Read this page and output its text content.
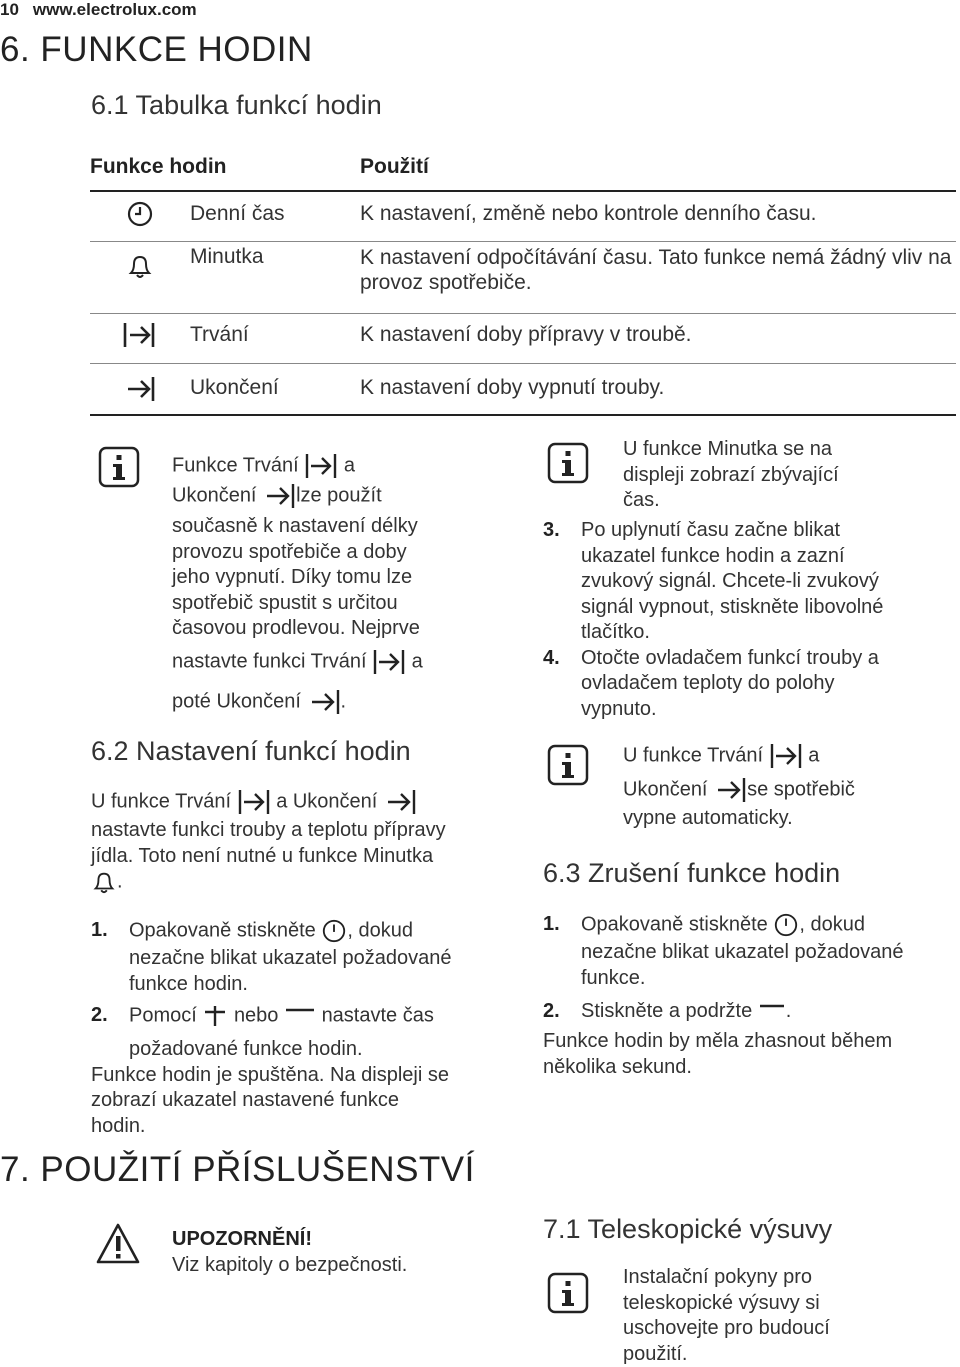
10 www.electrolux.com
6. FUNKCE HODIN
6.1 Tabulka funkcí hodin
Funkce hodin		Použití
	Denní čas	K nastavení, změně nebo kontrole denního času.
	Minutka	K nastavení odpočítávání času. Tato funkce nemá žádný vliv na provoz spotřebiče.
	Trvání	K nastavení doby přípravy v troubě.
	Ukončení	K nastavení doby vypnutí trouby.
Funkce Trvání a
Ukončení lze použít
současně k nastavení délky
provozu spotřebiče a doby
jeho vypnutí. Díky tomu lze
spotřebič spustit s určitou
časovou prodlevou. Nejprve
nastavte funkci Trvání a
poté Ukončení .
6.2 Nastavení funkcí hodin
U funkce Trvání a Ukončení
nastavte funkci trouby a teplotu přípravy
jídla. Toto není nutné u funkce Minutka
.
1. Opakovaně stiskněte , dokud
nezačne blikat ukazatel požadované
funkce hodin.
2. Pomocí nebo nastavte čas
požadované funkce hodin.
Funkce hodin je spuštěna. Na displeji se
zobrazí ukazatel nastavené funkce
hodin.
7. POUŽITÍ PŘÍSLUŠENSTVÍ
UPOZORNĚNÍ!
Viz kapitoly o bezpečnosti.
U funkce Minutka se na
displeji zobrazí zbývající
čas.
3. Po uplynutí času začne blikat
ukazatel funkce hodin a zazní
zvukový signál. Chcete-li zvukový
signál vypnout, stiskněte libovolné
tlačítko.
4. Otočte ovladačem funkcí trouby a
ovladačem teploty do polohy
vypnuto.
U funkce Trvání a
Ukončení se spotřebič
vypne automaticky.
6.3 Zrušení funkce hodin
1. Opakovaně stiskněte , dokud
nezačne blikat ukazatel požadované
funkce.
2. Stiskněte a podržte .
Funkce hodin by měla zhasnout během
několika sekund.
7.1 Teleskopické výsuvy
Instalační pokyny pro
teleskopické výsuvy si
uschovejte pro budoucí
použití.
